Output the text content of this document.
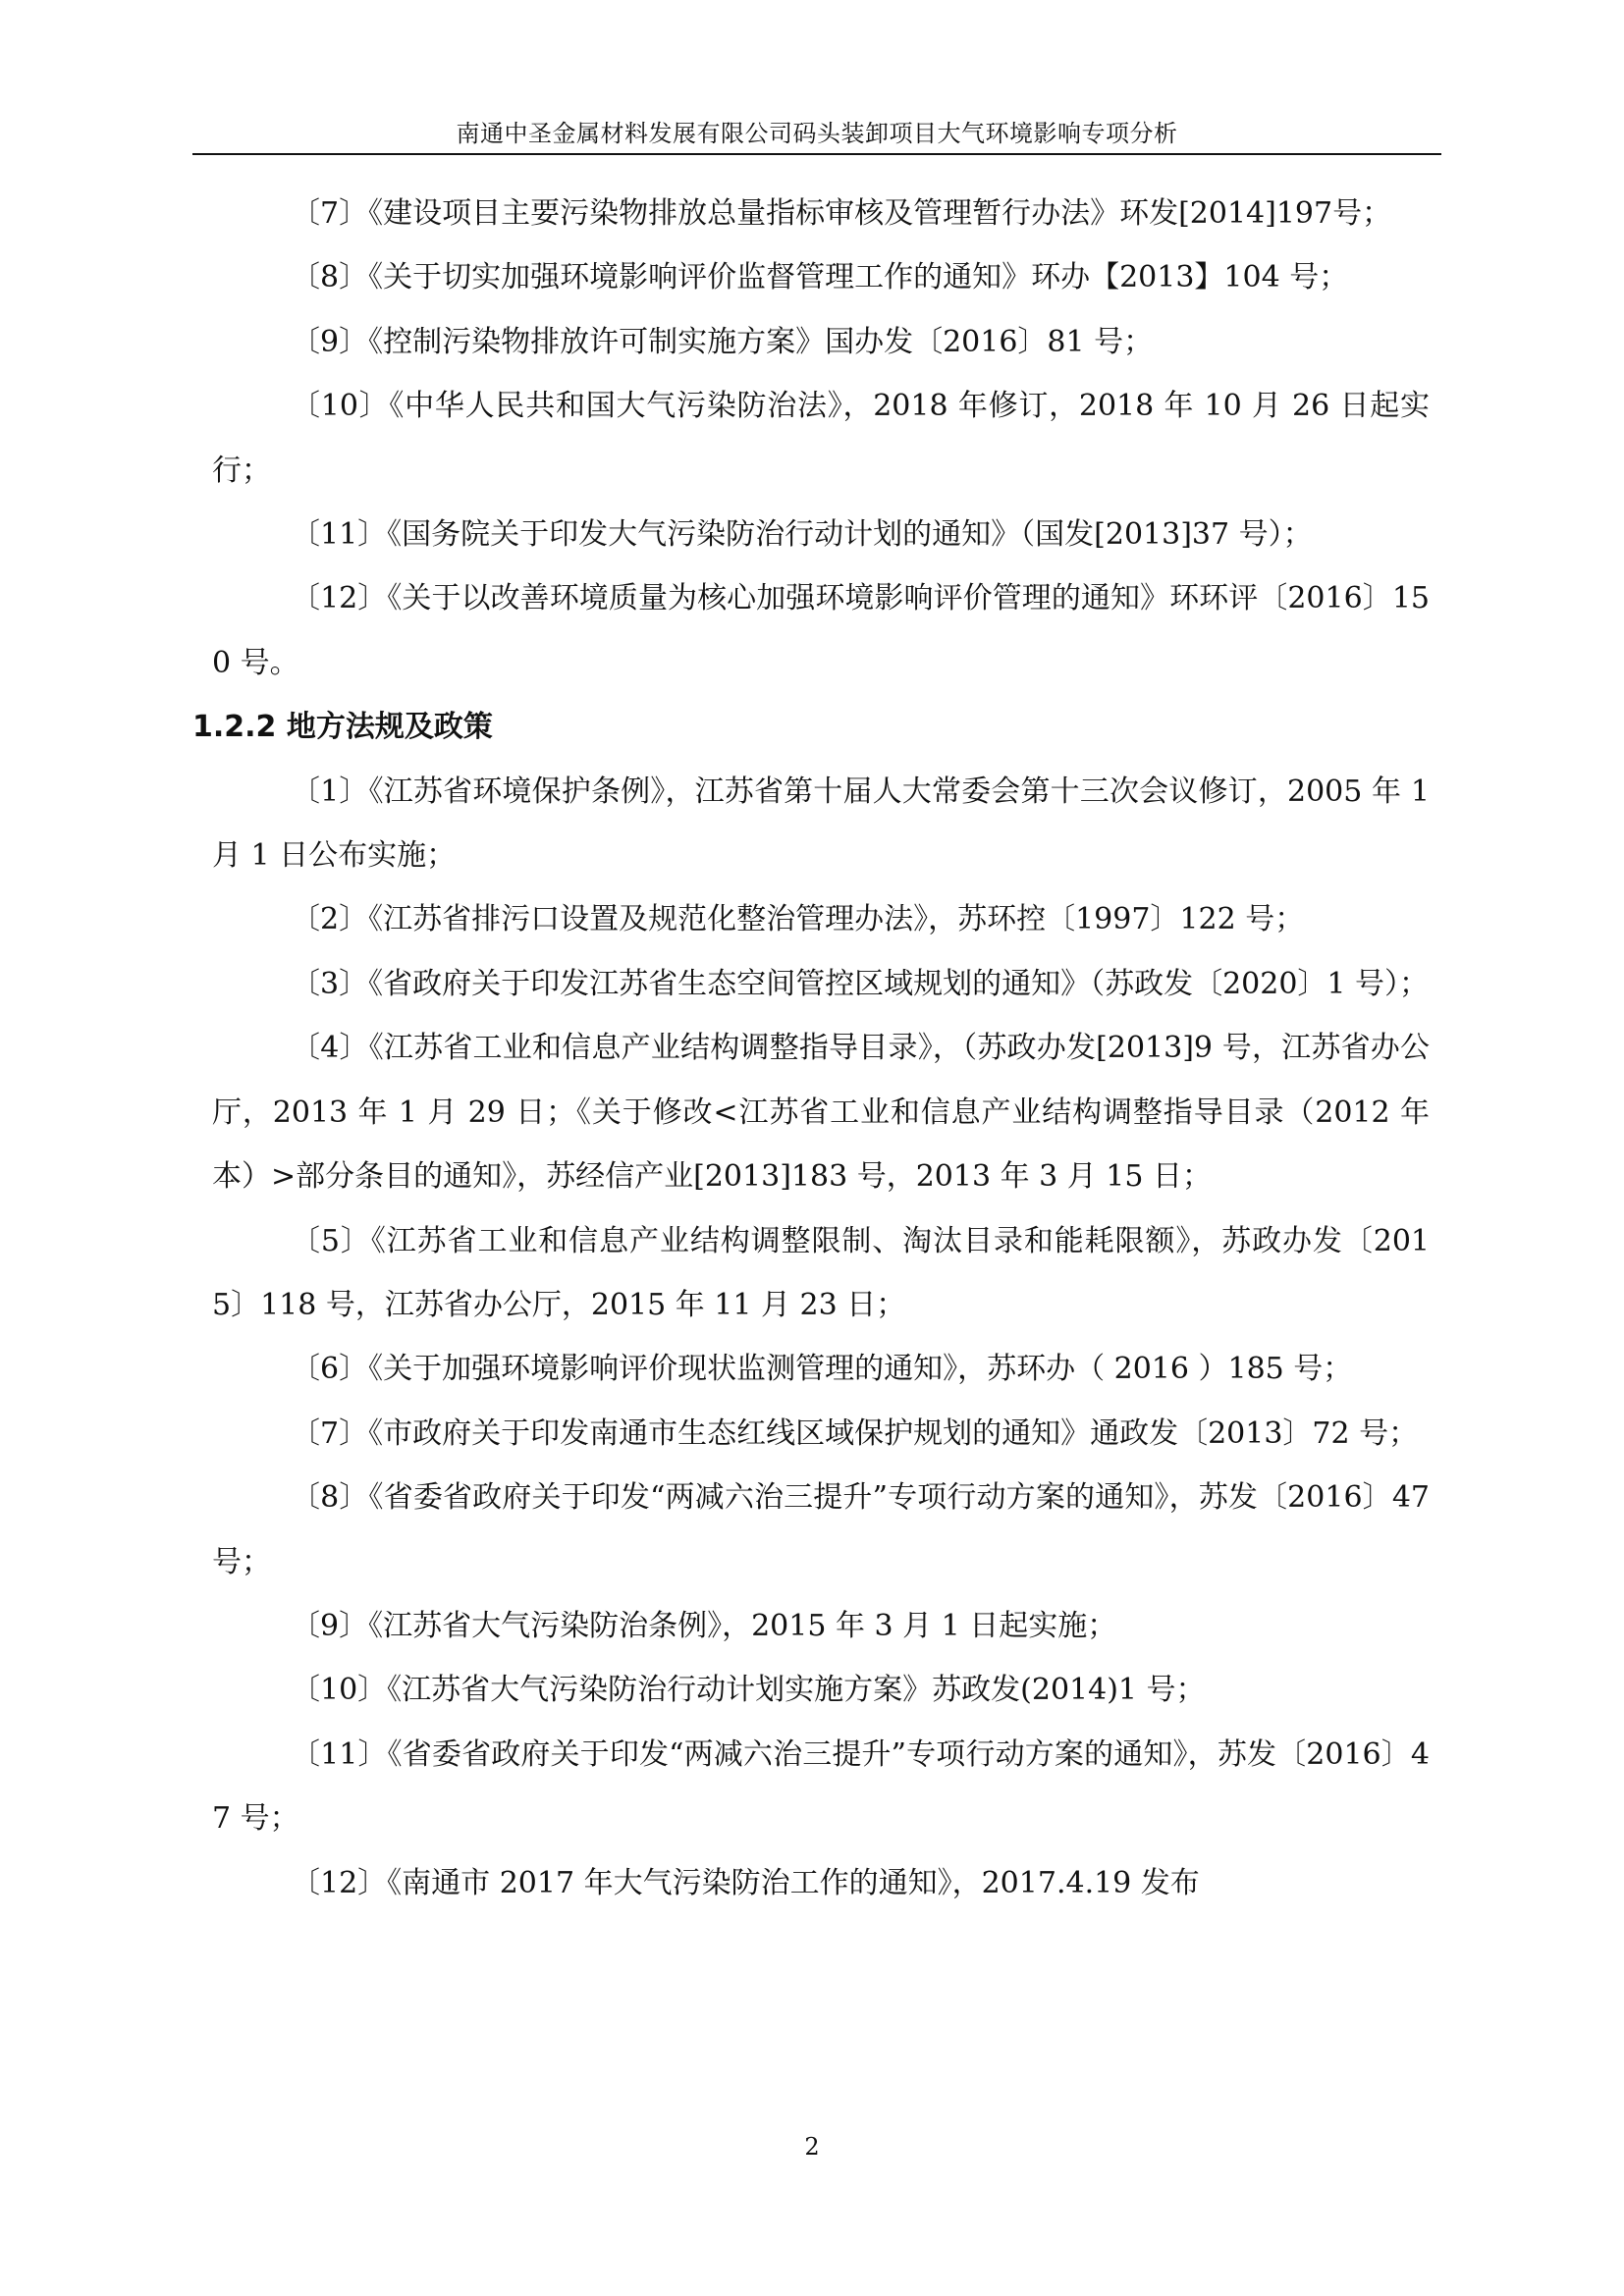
南通中圣金属材料发展有限公司码头装卸项目大气环境影响专项分析

〔7〕《建设项目主要污染物排放总量指标审核及管理暂行办法》环发[2014]197号；

〔8〕《关于切实加强环境影响评价监督管理工作的通知》环办【2013】104 号；

〔9〕《控制污染物排放许可制实施方案》国办发〔2016〕81 号；

〔10〕《中华人民共和国大气污染防治法》，2018 年修订，2018 年 10 月 26 日起实行；

〔11〕《国务院关于印发大气污染防治行动计划的通知》（国发[2013]37 号）；

〔12〕《关于以改善环境质量为核心加强环境影响评价管理的通知》环环评〔2016〕150 号。

1.2.2 地方法规及政策

〔1〕《江苏省环境保护条例》，江苏省第十届人大常委会第十三次会议修订，2005 年 1 月 1 日公布实施；

〔2〕《江苏省排污口设置及规范化整治管理办法》，苏环控〔1997〕122 号；

〔3〕《省政府关于印发江苏省生态空间管控区域规划的通知》（苏政发〔2020〕1 号）；

〔4〕《江苏省工业和信息产业结构调整指导目录》，（苏政办发[2013]9 号，江苏省办公厅，2013 年 1 月 29 日；《关于修改<江苏省工业和信息产业结构调整指导目录（2012 年本）>部分条目的通知》，苏经信产业[2013]183 号，2013 年 3 月 15 日；

〔5〕《江苏省工业和信息产业结构调整限制、淘汰目录和能耗限额》，苏政办发〔2015〕118 号，江苏省办公厅，2015 年 11 月 23 日；

〔6〕《关于加强环境影响评价现状监测管理的通知》，苏环办（ 2016 ）185 号；

〔7〕《市政府关于印发南通市生态红线区域保护规划的通知》通政发〔2013〕72 号；

〔8〕《省委省政府关于印发“两减六治三提升”专项行动方案的通知》，苏发〔2016〕47 号；

〔9〕《江苏省大气污染防治条例》，2015 年 3 月 1 日起实施；

〔10〕《江苏省大气污染防治行动计划实施方案》苏政发(2014)1 号；

〔11〕《省委省政府关于印发“两减六治三提升”专项行动方案的通知》，苏发〔2016〕47 号；

〔12〕《南通市 2017 年大气污染防治工作的通知》，2017.4.19 发布

2
